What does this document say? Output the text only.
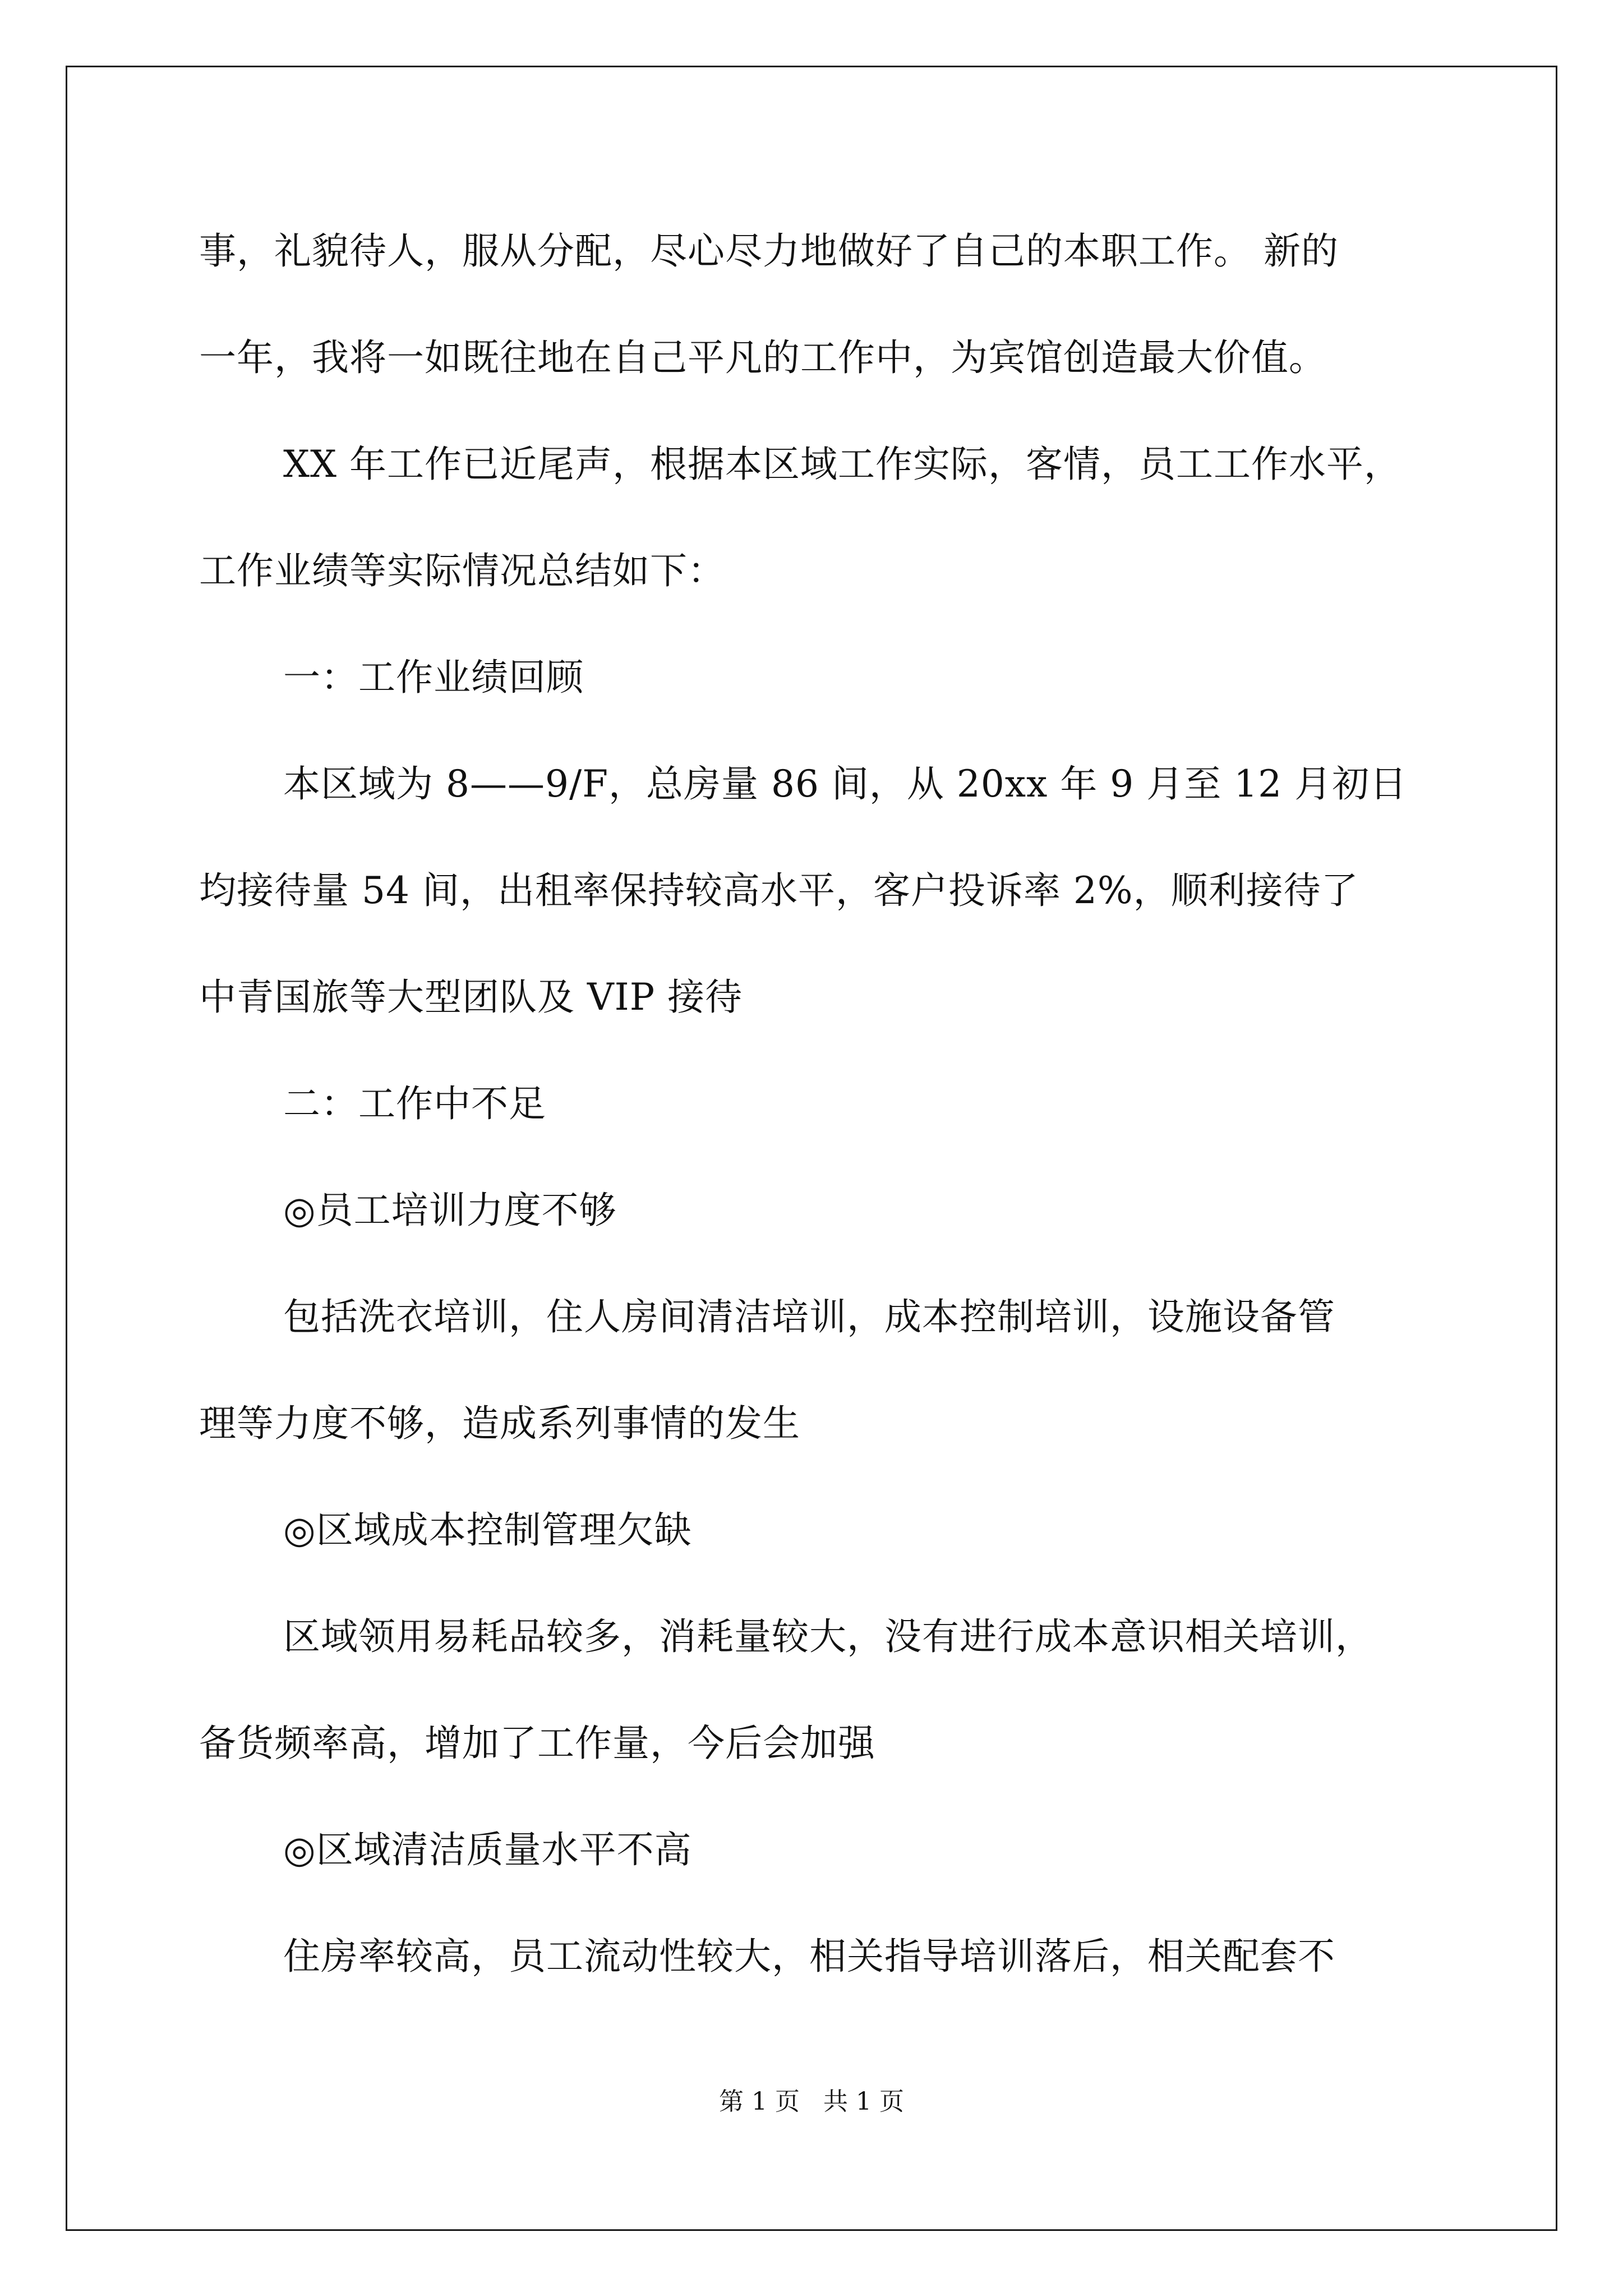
事，礼貌待人，服从分配，尽心尽力地做好了自己的本职工作。 新的
一年，我将一如既往地在自己平凡的工作中，为宾馆创造最大价值。
XX 年工作已近尾声，根据本区域工作实际，客情，员工工作水平，
工作业绩等实际情况总结如下：
一：工作业绩回顾
本区域为 8——9/F，总房量 86 间，从 20xx 年 9 月至 12 月初日
均接待量 54 间，出租率保持较高水平，客户投诉率 2%，顺利接待了
中青国旅等大型团队及 VIP 接待
二：工作中不足
◎员工培训力度不够
包括洗衣培训，住人房间清洁培训，成本控制培训，设施设备管
理等力度不够，造成系列事情的发生
◎区域成本控制管理欠缺
区域领用易耗品较多，消耗量较大，没有进行成本意识相关培训，
备货频率高，增加了工作量，今后会加强
◎区域清洁质量水平不高
住房率较高，员工流动性较大，相关指导培训落后，相关配套不
第 1 页   共 1 页
